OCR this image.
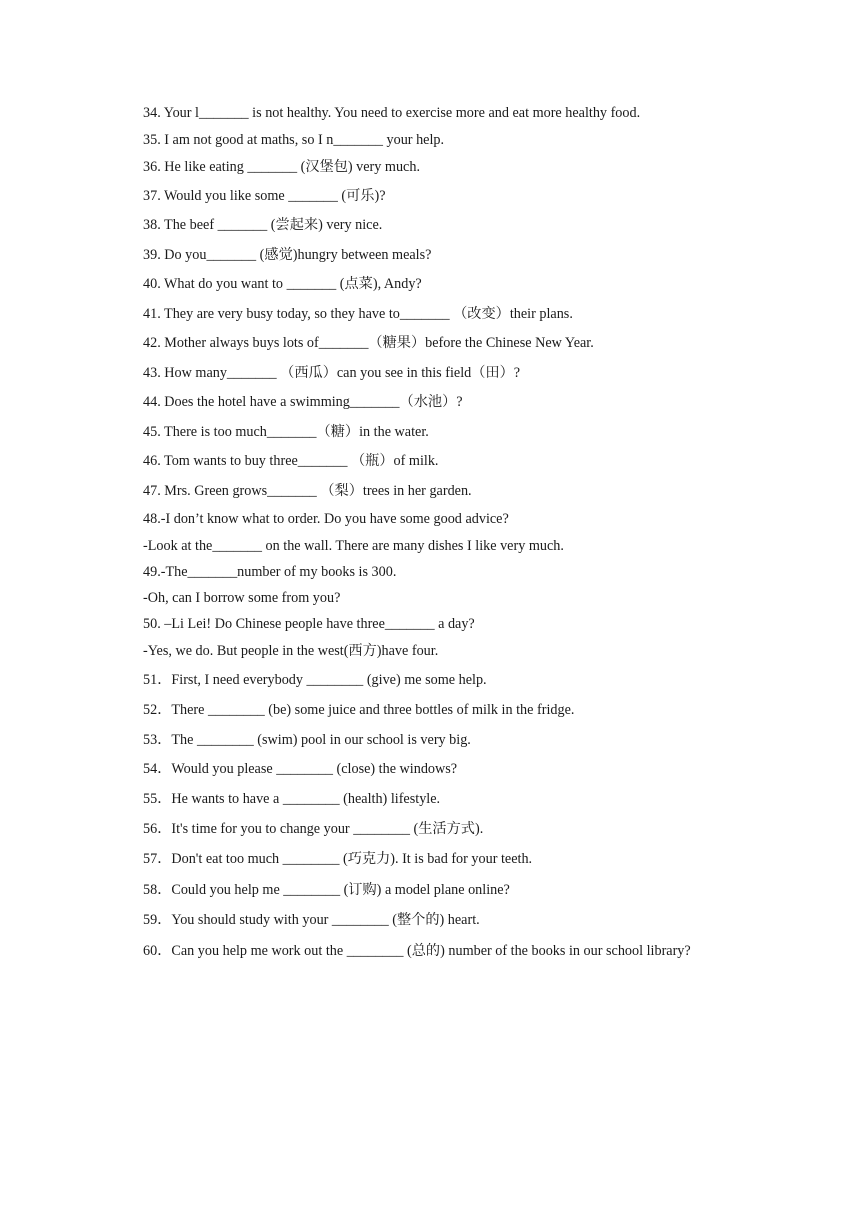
34. Your l_______ is not healthy. You need to exercise more and eat more healthy food.
35. I am not good at maths, so I n_______ your help.
36. He like eating _______ (汉堡包) very much.
37. Would you like some _______ (可乐)?
38. The beef _______ (尝起来) very nice.
39. Do you_______ (感觉)hungry between meals?
40. What do you want to _______ (点菜), Andy?
41. They are very busy today, so they have to_______ （改变）their plans.
42. Mother always buys lots of_______（糖果）before the Chinese New Year.
43. How many_______ （西瓜）can you see in this field（田）?
44. Does the hotel have a swimming_______（水池）?
45. There is too much_______（糖）in the water.
46. Tom wants to buy three_______ （瓶）of milk.
47. Mrs. Green grows_______ （梨）trees in her garden.
48.-I don’t know what to order. Do you have some good advice?
-Look at the_______ on the wall. There are many dishes I like very much.
49.-The_______number of my books is 300.
-Oh, can I borrow some from you?
50. –Li Lei! Do Chinese people have three_______ a day?
-Yes, we do. But people in the west(西方)have four.
51．First, I need everybody ________ (give) me some help.
52．There ________ (be) some juice and three bottles of milk in the fridge.
53．The ________ (swim) pool in our school is very big.
54．Would you please ________ (close) the windows?
55．He wants to have a ________ (health) lifestyle.
56．It's time for you to change your ________ (生活方式).
57．Don't eat too much ________ (巧克力). It is bad for your teeth.
58．Could you help me ________ (订购) a model plane online?
59．You should study with your ________ (整个的) heart.
60．Can you help me work out the ________ (总的) number of the books in our school library?
